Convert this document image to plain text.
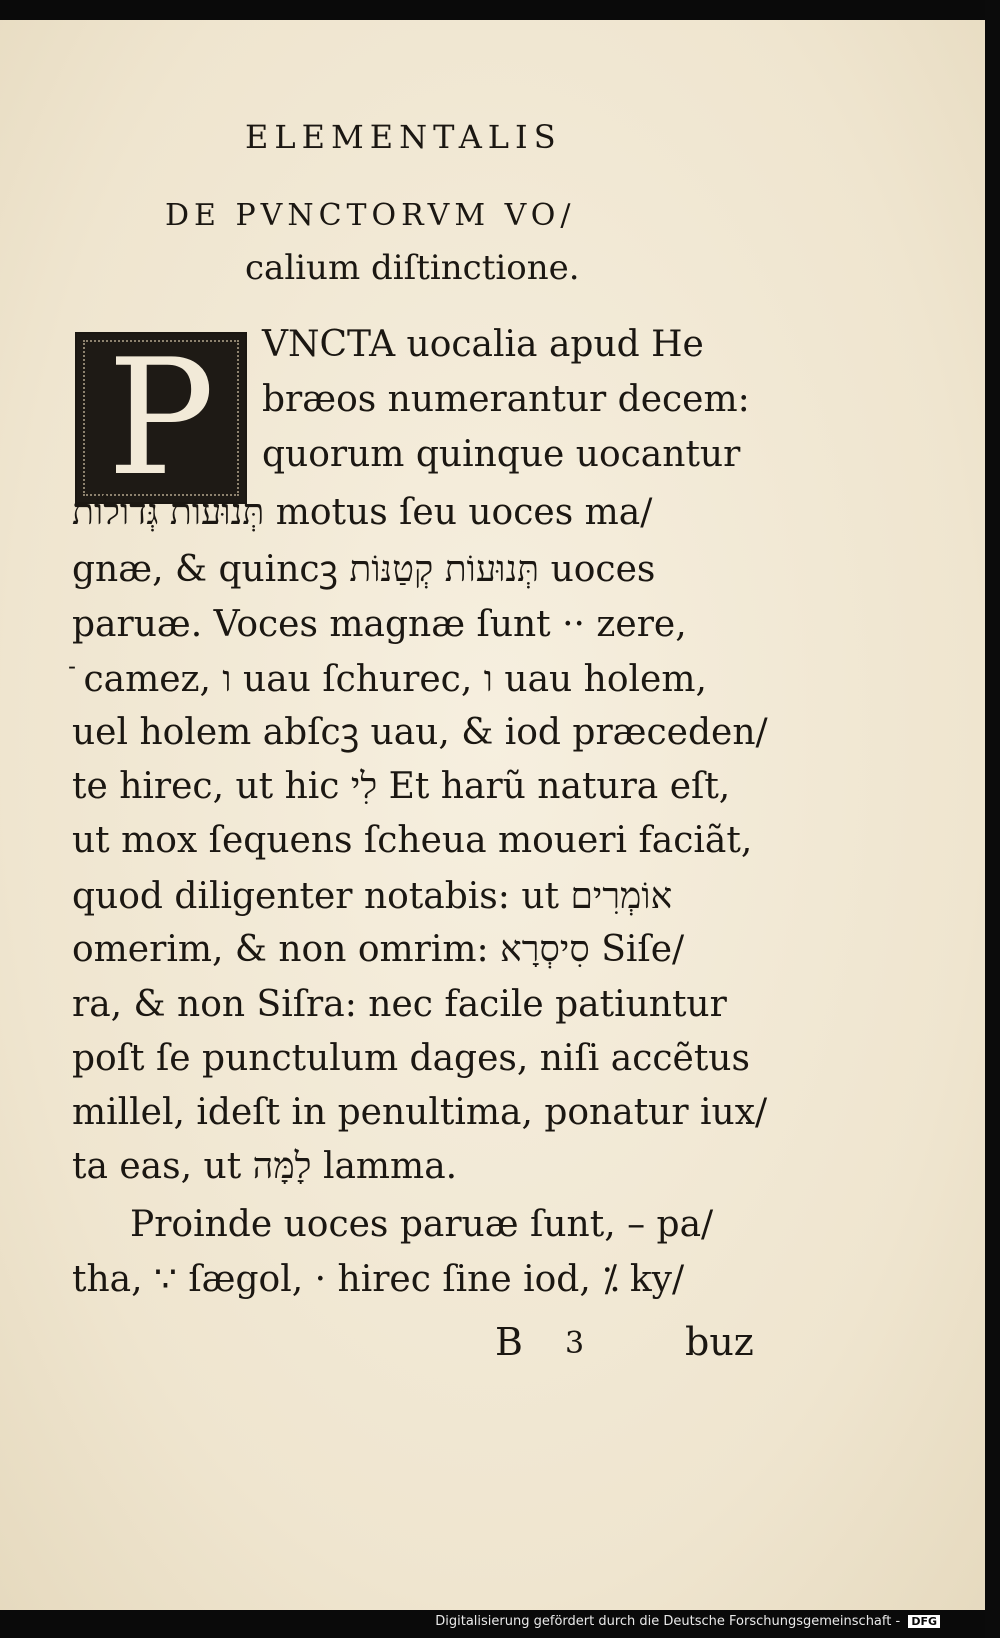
ELEMENTALIS
DE PVNCTORVM VO/
calium diſtinctione.
P VNCTA uocalia apud He
bræos numerantur decem:
quorum quinque uocantur
תְּנוּעוֹת גְּדוֹלוֹת motus ſeu uoces ma/
gnæ, & quincꝫ תְּנוּעוֹת קְטַנּוֹת uoces
paruæ. Voces magnæ ſunt ·· zere,
ֿ camez, ו uau ſchurec, ו uau holem,
uel holem abſcꝫ uau, & iod præceden/
te hirec, ut hic לִי Et harũ natura eſt,
ut mox ſequens ſcheua moueri faciãt,
quod diligenter notabis: ut אוֹמְרִים
omerim, & non omrim: סִיסְרָא Siſe/
ra, & non Siſra: nec facile patiuntur
poſt ſe punctulum dages, niſi accẽtus
millel, ideſt in penultima, ponatur iux/
ta eas, ut לָמָּה lamma.
Proinde uoces paruæ ſunt, – pa/
tha, ∵ ſægol, · hirec ſine iod, ⁒ ky/
B 3	buz
Digitalisierung gefördert durch die Deutsche Forschungsgemeinschaft - DFG
